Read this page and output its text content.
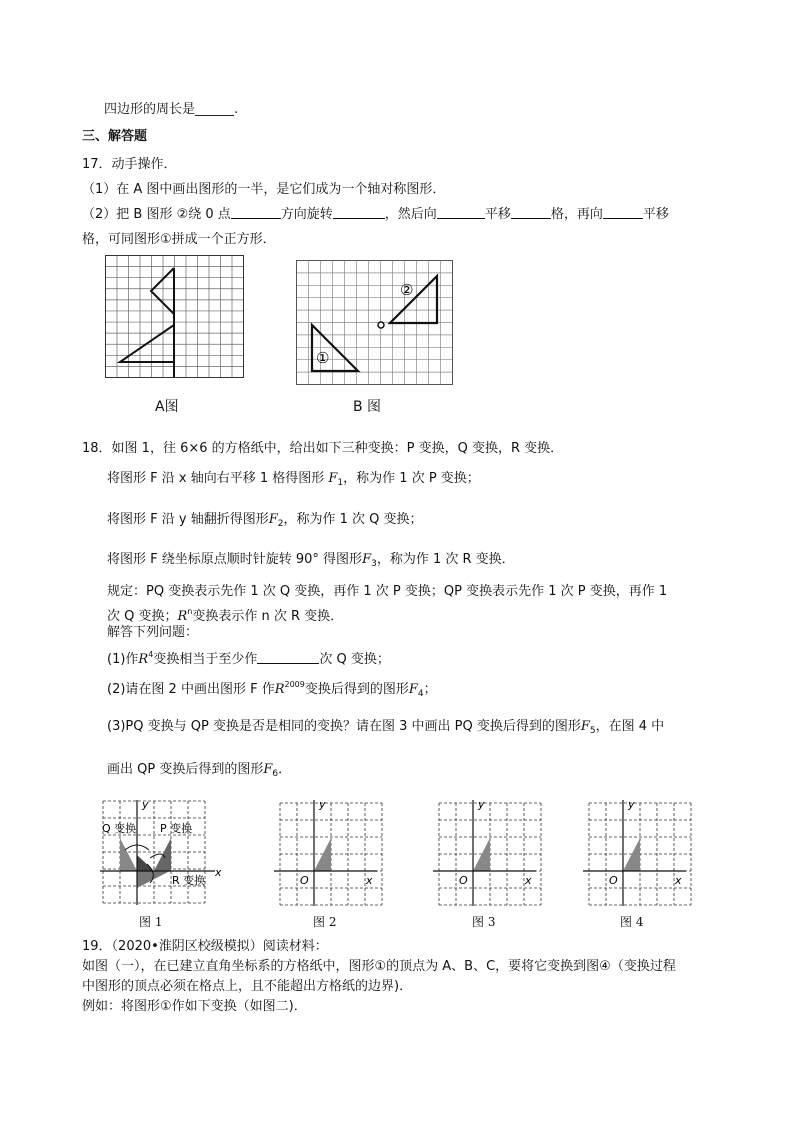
四边形的周长是______.
三、解答题
17．动手操作．
（1）在 A 图中画出图形的一半，是它们成为一个轴对称图形．
（2）把 B 图形 ②绕 0 点	方向旋转	，然后向	平移	格，再向	平移
格，可同图形①拼成一个正方形．
A图
①
②
B 图
18．如图 1，往 6×6 的方格纸中，给出如下三种变换：P 变换，Q 变换，R 变换．
将图形 F 沿 x 轴向右平移 1 格得图形 $F_1$，称为作 1 次 P 变换；
将图形 F 沿 y 轴翻折得图形$F_2$，称为作 1 次 Q 变换；
将图形 F 绕坐标原点顺时针旋转 90° 得图形$F_3$，称为作 1 次 R 变换．
规定：PQ 变换表示先作 1 次 Q 变换，再作 1 次 P 变换；QP 变换表示先作 1 次 P 变换，再作 1
次 Q 变换；$R^n$变换表示作 n 次 R 变换．
解答下列问题：
(1)作$R^4$变换相当于至少作	次 Q 变换；
(2)请在图 2 中画出图形 F 作$R^{2009}$变换后得到的图形$F_4$；
(3)PQ 变换与 QP 变换是否是相同的变换？请在图 3 中画出 PQ 变换后得到的图形$F_5$，在图 4 中
画出 QP 变换后得到的图形$F_6$．
y
x
Q 变换 P 变换
R 变换
图 1
y
x
O
图 2
y
x
O
图 3
y
x
O
图 4
19．（2020•淮阴区校级模拟）阅读材料：
如图（一），在已建立直角坐标系的方格纸中，图形①的顶点为 A、B、C，要将它变换到图④（变换过程
中图形的顶点必须在格点上，且不能超出方格纸的边界)．
例如：将图形①作如下变换（如图二)．
